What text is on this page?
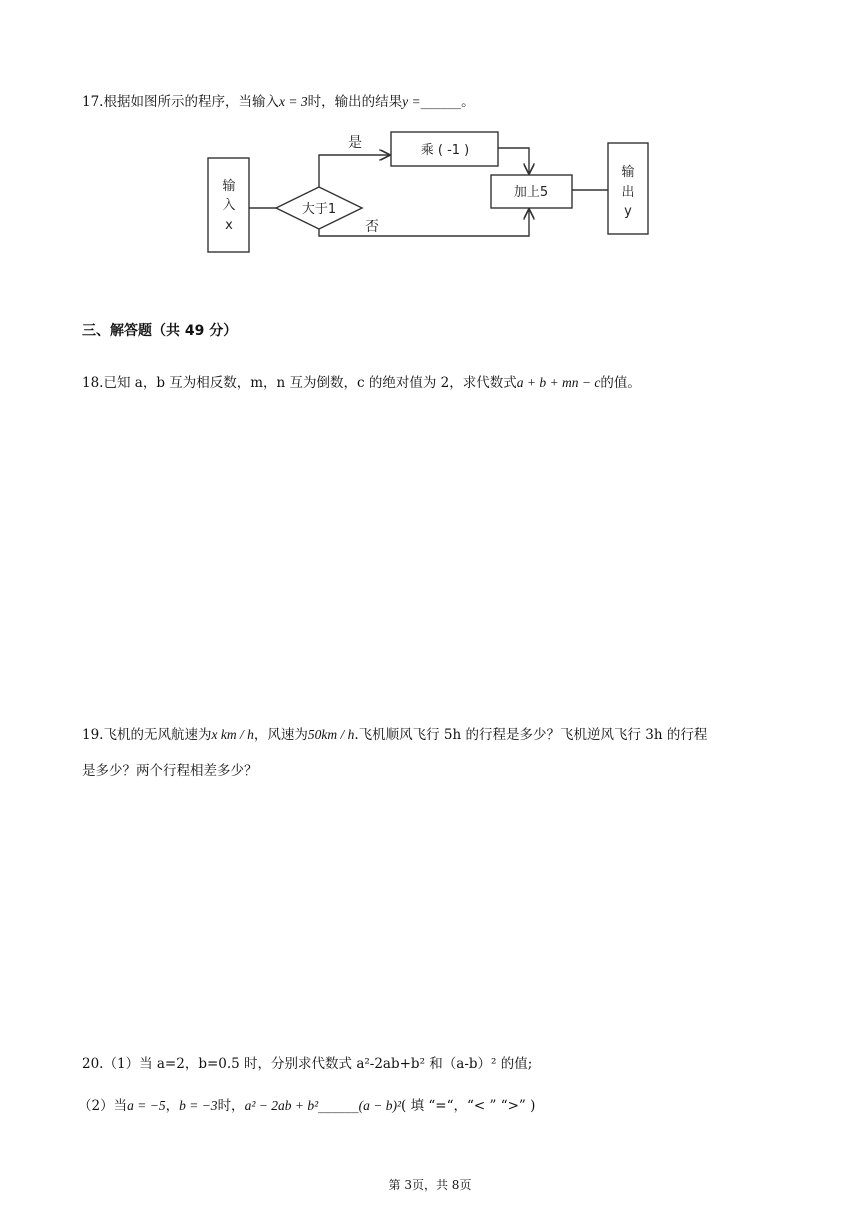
17.根据如图所示的程序，当输入x = 3时，输出的结果y =______。
输
入
x
大于1
是
否
乘 ( -1 )
加上5
输
出
y
三、解答题（共 49 分）
18.已知 a，b 互为相反数，m，n 互为倒数，c 的绝对值为 2，求代数式a + b + mn − c的值。
19.飞机的无风航速为x km / h，风速为50km / h.飞机顺风飞行 5h 的行程是多少？飞机逆风飞行 3h 的行程
是多少？两个行程相差多少？
20.（1）当 a=2，b=0.5 时，分别求代数式 a²-2ab+b² 和（a-b）² 的值;
（2）当a = −5，b = −3时，a² − 2ab + b²______(a − b)²( 填 “=“，“< ” “>” )
第 3页，共 8页
